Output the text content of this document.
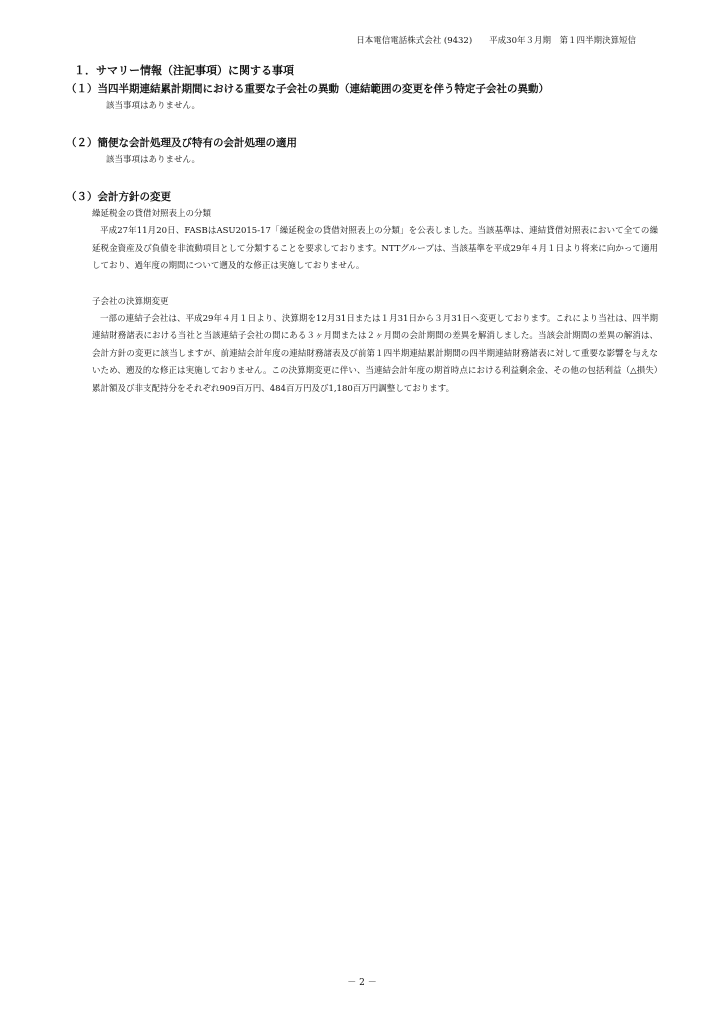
日本電信電話株式会社 (9432)　　 平成30年３月期　第１四半期決算短信

１．サマリー情報（注記事項）に関する事項

（１）当四半期連結累計期間における重要な子会社の異動（連結範囲の変更を伴う特定子会社の異動）

該当事項はありません。

（２）簡便な会計処理及び特有の会計処理の適用

該当事項はありません。

（３）会計方針の変更

繰延税金の貸借対照表上の分類

平成27年11月20日、FASBはASU2015-17「繰延税金の貸借対照表上の分類」を公表しました。当該基準は、連結貸借対照表において全ての繰延税金資産及び負債を非流動項目として分類することを要求しております。NTTグループは、当該基準を平成29年４月１日より将来に向かって適用しており、過年度の期間について遡及的な修正は実施しておりません。

子会社の決算期変更

一部の連結子会社は、平成29年４月１日より、決算期を12月31日または１月31日から３月31日へ変更しております。これにより当社は、四半期連結財務諸表における当社と当該連結子会社の間にある３ヶ月間または２ヶ月間の会計期間の差異を解消しました。当該会計期間の差異の解消は、会計方針の変更に該当しますが、前連結会計年度の連結財務諸表及び前第１四半期連結累計期間の四半期連結財務諸表に対して重要な影響を与えないため、遡及的な修正は実施しておりません。この決算期変更に伴い、当連結会計年度の期首時点における利益剰余金、その他の包括利益（△損失）累計額及び非支配持分をそれぞれ909百万円、484百万円及び1,180百万円調整しております。

－ 2 －
